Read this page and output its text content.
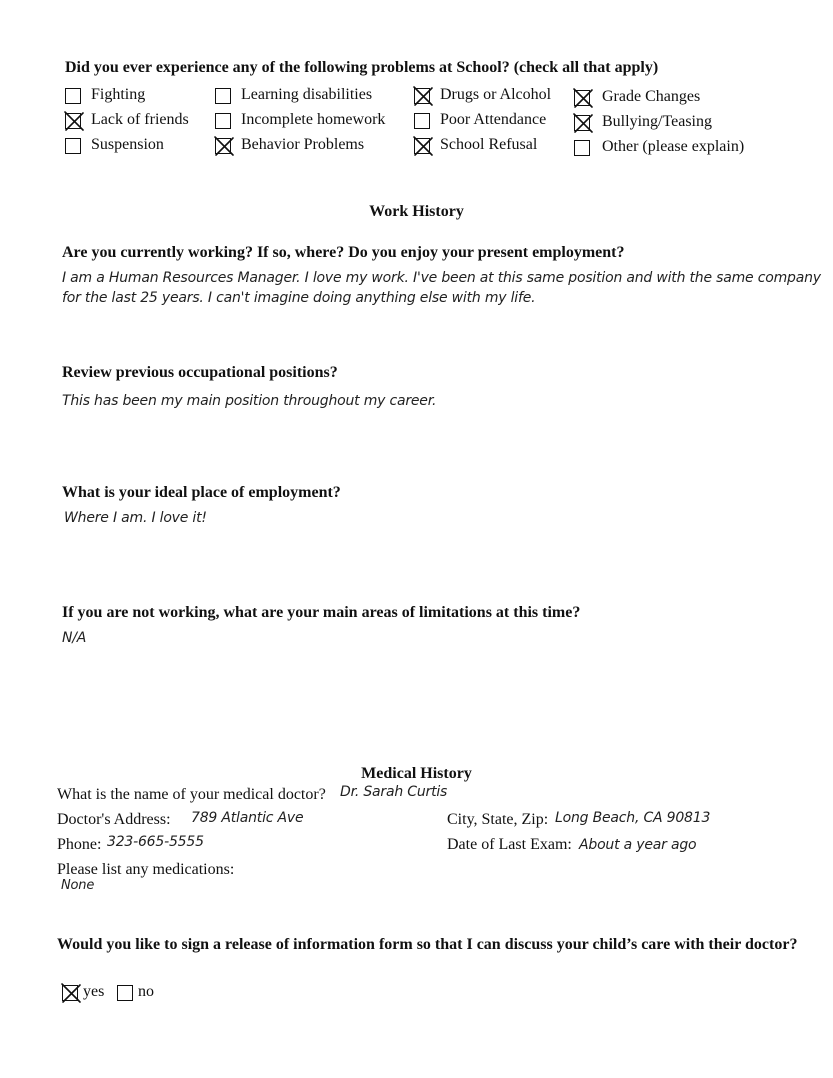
Did you ever experience any of the following problems at School? (check all that apply)
Fighting
Lack of friends
Suspension
Learning disabilities
Incomplete homework
Behavior Problems
Drugs or Alcohol
Poor Attendance
School Refusal
Grade Changes
Bullying/Teasing
Other (please explain)
Work History
Are you currently working? If so, where? Do you enjoy your present employment?
I am a Human Resources Manager. I love my work. I've been at this same position and with the same company
for the last 25 years. I can't imagine doing anything else with my life.
Review previous occupational positions?
This has been my main position throughout my career.
What is your ideal place of employment?
Where I am. I love it!
If you are not working, what are your main areas of limitations at this time?
N/A
Medical History
What is the name of your medical doctor? Dr. Sarah Curtis
Doctor's Address: 789 Atlantic Ave	City, State, Zip: Long Beach, CA 90813
Phone: 323-665-5555	Date of Last Exam: About a year ago
Please list any medications:
None
Would you like to sign a release of information form so that I can discuss your child’s care with their doctor?
yes no
